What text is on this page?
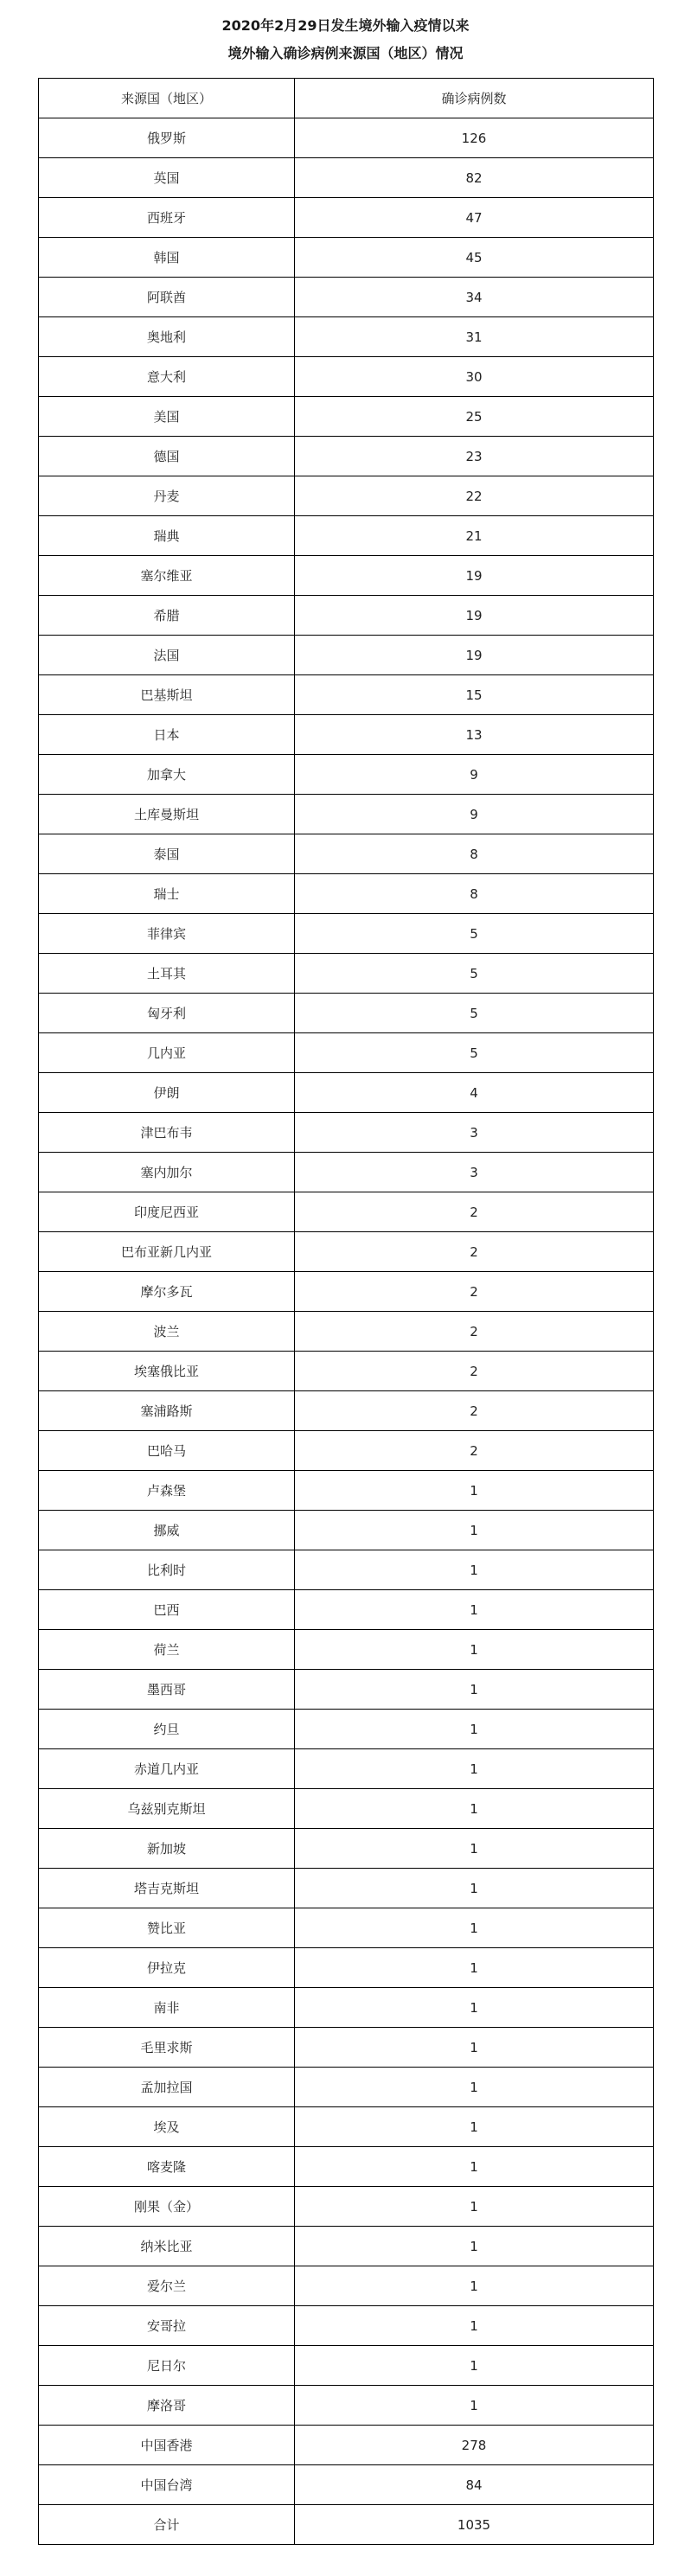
2020年2月29日发生境外输入疫情以来
境外输入确诊病例来源国（地区）情况
来源国（地区）	确诊病例数
俄罗斯	126
英国	82
西班牙	47
韩国	45
阿联酋	34
奥地利	31
意大利	30
美国	25
德国	23
丹麦	22
瑞典	21
塞尔维亚	19
希腊	19
法国	19
巴基斯坦	15
日本	13
加拿大	9
土库曼斯坦	9
泰国	8
瑞士	8
菲律宾	5
土耳其	5
匈牙利	5
几内亚	5
伊朗	4
津巴布韦	3
塞内加尔	3
印度尼西亚	2
巴布亚新几内亚	2
摩尔多瓦	2
波兰	2
埃塞俄比亚	2
塞浦路斯	2
巴哈马	2
卢森堡	1
挪威	1
比利时	1
巴西	1
荷兰	1
墨西哥	1
约旦	1
赤道几内亚	1
乌兹别克斯坦	1
新加坡	1
塔吉克斯坦	1
赞比亚	1
伊拉克	1
南非	1
毛里求斯	1
孟加拉国	1
埃及	1
喀麦隆	1
刚果（金）	1
纳米比亚	1
爱尔兰	1
安哥拉	1
尼日尔	1
摩洛哥	1
中国香港	278
中国台湾	84
合计	1035
